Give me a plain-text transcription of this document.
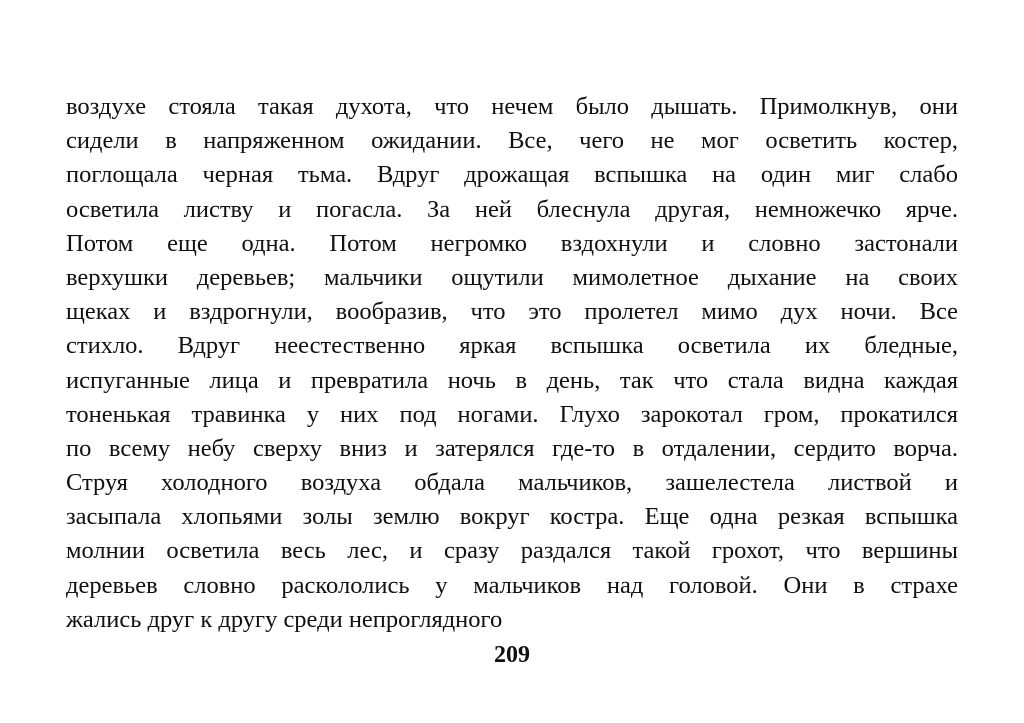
воздухе стояла такая духота, что нечем было дышать. Примолкнув, они
сидели в напряженном ожидании. Все, чего не мог осветить костер,
поглощала черная тьма. Вдруг дрожащая вспышка на один миг слабо
осветила листву и погасла. За ней блеснула другая, немножечко ярче.
Потом еще одна. Потом негромко вздохнули и словно застонали
верхушки деревьев; мальчики ощутили мимолетное дыхание на своих
щеках и вздрогнули, вообразив, что это пролетел мимо дух ночи. Все
стихло. Вдруг неестественно яркая вспышка осветила их бледные,
испуганные лица и превратила ночь в день, так что стала видна каждая
тоненькая травинка у них под ногами. Глухо зарокотал гром, прокатился
по всему небу сверху вниз и затерялся где-то в отдалении, сердито ворча.
Струя холодного воздуха обдала мальчиков, зашелестела листвой и
засыпала хлопьями золы землю вокруг костра. Еще одна резкая вспышка
молнии осветила весь лес, и сразу раздался такой грохот, что вершины
деревьев словно раскололись у мальчиков над головой. Они в страхе
жались друг к другу среди непроглядного
209
